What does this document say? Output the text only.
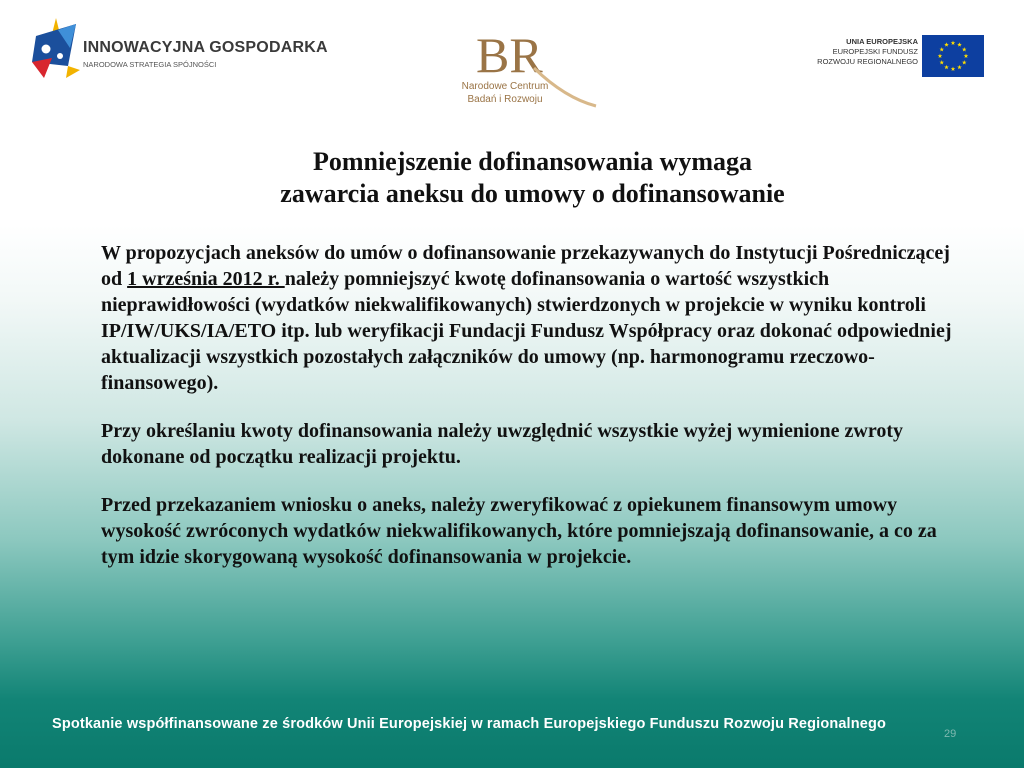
INNOWACYJNA GOSPODARKA
NARODOWA STRATEGIA SPÓJNOŚCI	BR
Narodowe Centrum
Badań i Rozwoju
UNIA EUROPEJSKA
EUROPEJSKI FUNDUSZ
ROZWOJU REGIONALNEGO
Pomniejszenie dofinansowania wymaga
zawarcia aneksu do umowy o dofinansowanie

W propozycjach aneksów do umów o dofinansowanie przekazywanych do Instytucji Pośredniczącej od 1 września 2012 r. należy pomniejszyć kwotę dofinansowania o wartość wszystkich nieprawidłowości (wydatków niekwalifikowanych) stwierdzonych w projekcie w wyniku kontroli IP/IW/UKS/IA/ETO itp. lub weryfikacji Fundacji Fundusz Współpracy oraz dokonać odpowiedniej aktualizacji wszystkich pozostałych załączników do umowy (np. harmonogramu rzeczowo-finansowego).

Przy określaniu kwoty dofinansowania należy uwzględnić wszystkie wyżej wymienione zwroty dokonane od początku realizacji projektu.

Przed przekazaniem wniosku o aneks, należy zweryfikować z opiekunem finansowym umowy wysokość zwróconych wydatków niekwalifikowanych, które pomniejszają dofinansowanie, a co za tym idzie skorygowaną wysokość dofinansowania w projekcie.

Spotkanie współfinansowane ze środków Unii Europejskiej w ramach Europejskiego Funduszu Rozwoju Regionalnego
29
